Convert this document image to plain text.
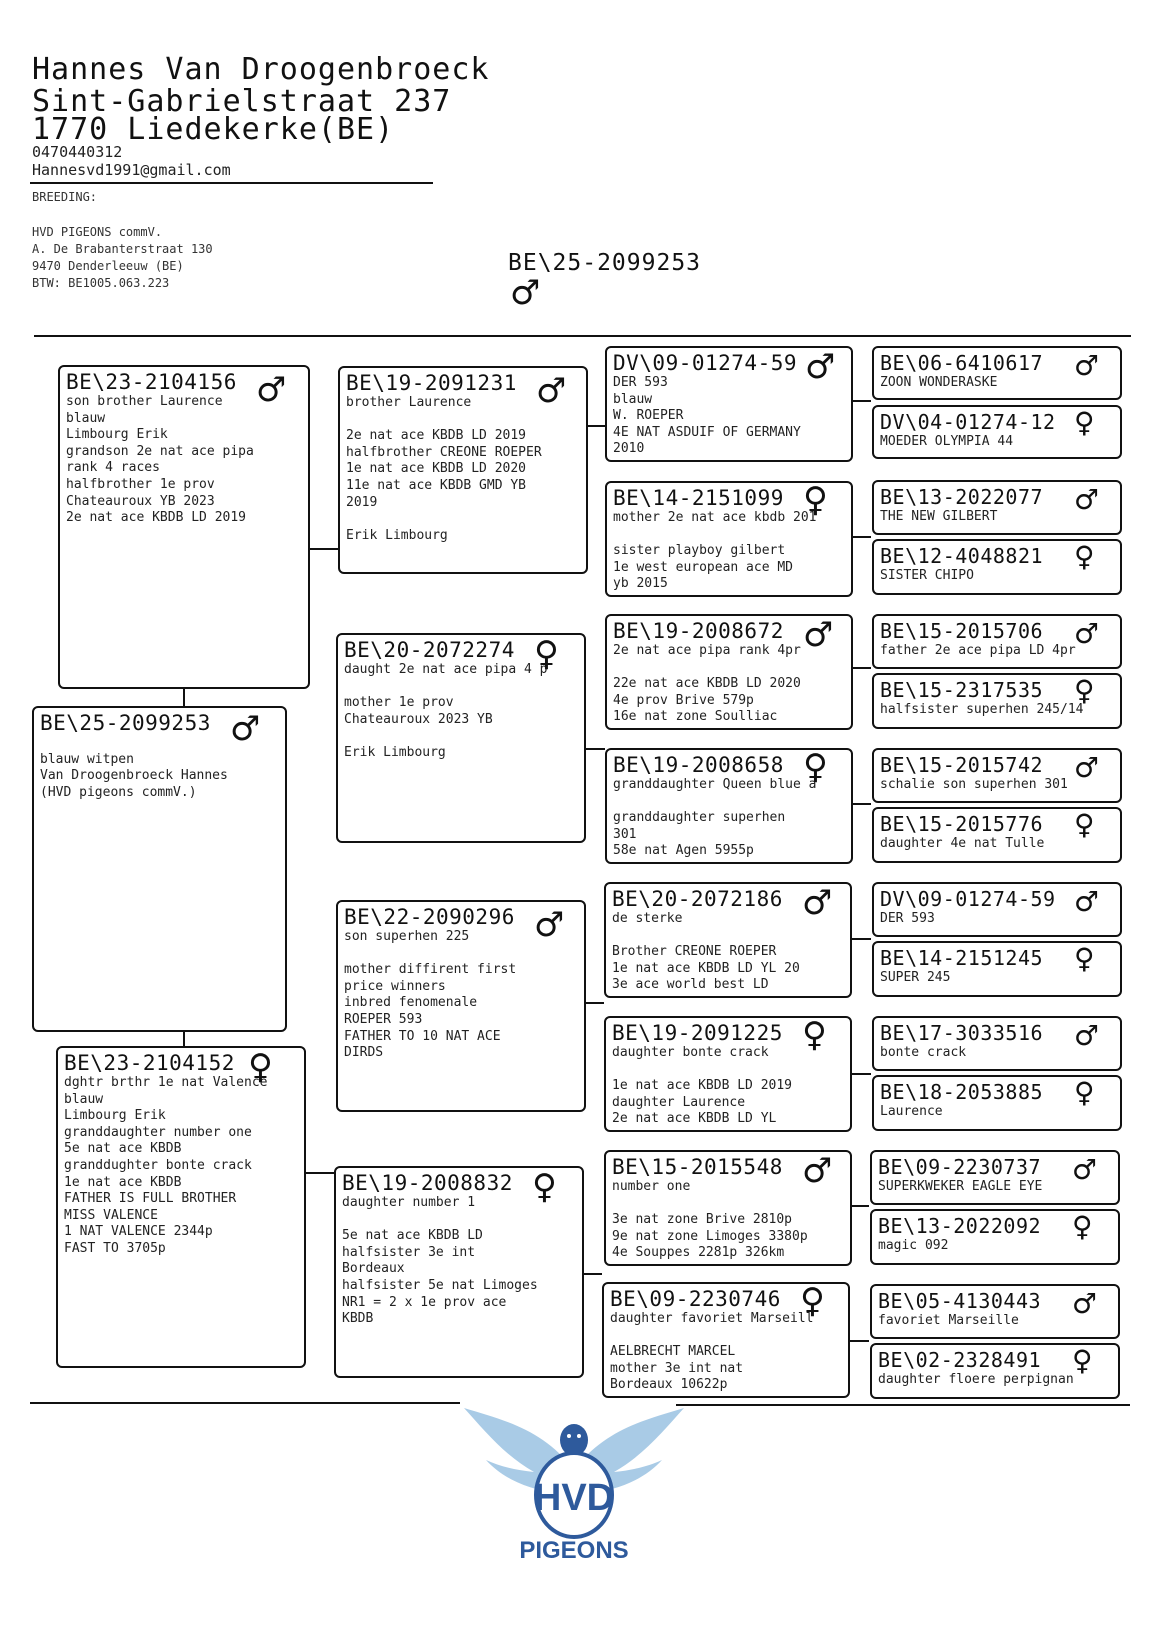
Hannes Van Droogenbroeck
Sint-Gabrielstraat 237
1770 Liedekerke(BE)
0470440312
Hannesvd1991@gmail.com
BREEDING:
HVD PIGEONS commV.
A. De Brabanterstraat 130
9470 Denderleeuw (BE)
BTW: BE1005.063.223
BE\25-2099253
♂
BE\23-2104156 ♂
son brother Laurence
blauw
Limbourg Erik
grandson 2e nat ace pipa
rank 4 races
halfbrother 1e prov
Chateauroux YB 2023
2e nat ace KBDB LD 2019
BE\25-2099253 ♂
blauw witpen
Van Droogenbroeck Hannes
(HVD pigeons commV.)
BE\23-2104152 ♀
dghtr brthr 1e nat Valence
blauw
Limbourg Erik
granddaughter number one
5e nat ace KBDB
granddughter bonte crack
1e nat ace KBDB
FATHER IS FULL BROTHER
MISS VALENCE
1 NAT VALENCE 2344p
FAST TO 3705p
BE\19-2091231 ♂
brother Laurence
2e nat ace KBDB LD 2019
halfbrother CREONE ROEPER
1e nat ace KBDB LD 2020
11e nat ace KBDB GMD YB
2019
Erik Limbourg
BE\20-2072274 ♀
daught 2e nat ace pipa 4 p
mother 1e prov
Chateauroux 2023 YB
Erik Limbourg
BE\22-2090296 ♂
son superhen 225
mother diffirent first
price winners
inbred fenomenale
ROEPER 593
FATHER TO 10 NAT ACE
DIRDS
BE\19-2008832 ♀
daughter number 1
5e nat ace KBDB LD
halfsister 3e int
Bordeaux
halfsister 5e nat Limoges
NR1 = 2 x 1e prov ace
KBDB
DV\09-01274-59 ♂
DER 593
blauw
W. ROEPER
4E NAT ASDUIF OF GERMANY
2010
BE\14-2151099 ♀
mother 2e nat ace kbdb 201
sister playboy gilbert
1e west european ace MD
yb 2015
BE\19-2008672 ♂
2e nat ace pipa rank 4pr
22e nat ace KBDB LD 2020
4e prov Brive 579p
16e nat zone Soulliac
BE\19-2008658 ♀
granddaughter Queen blue a
granddaughter superhen
301
58e nat Agen 5955p
BE\20-2072186 ♂
de sterke
Brother CREONE ROEPER
1e nat ace KBDB LD YL 20
3e ace world best LD
BE\19-2091225 ♀
daughter bonte crack
1e nat ace KBDB LD 2019
daughter Laurence
2e nat ace KBDB LD YL
BE\15-2015548 ♂
number one
3e nat zone Brive 2810p
9e nat zone Limoges 3380p
4e Souppes 2281p 326km
BE\09-2230746 ♀
daughter favoriet Marseill
AELBRECHT MARCEL
mother 3e int nat
Bordeaux 10622p
BE\06-6410617	♂
ZOON WONDERASKE
DV\04-01274-12 ♀
MOEDER OLYMPIA 44
BE\13-2022077	♂
THE NEW GILBERT
BE\12-4048821	♀
SISTER CHIPO
BE\15-2015706	♂
father 2e ace pipa LD 4pr
BE\15-2317535	♀
halfsister superhen 245/14
BE\15-2015742	♂
schalie son superhen 301
BE\15-2015776	♀
daughter 4e nat Tulle
DV\09-01274-59 ♂
DER 593
BE\14-2151245	♀
SUPER 245
BE\17-3033516	♂
bonte crack
BE\18-2053885	♀
Laurence
BE\09-2230737	♂
SUPERKWEKER EAGLE EYE
BE\13-2022092	♀
magic 092
BE\05-4130443	♂
favoriet Marseille
BE\02-2328491	♀
daughter floere perpignan
HVD
PIGEONS
